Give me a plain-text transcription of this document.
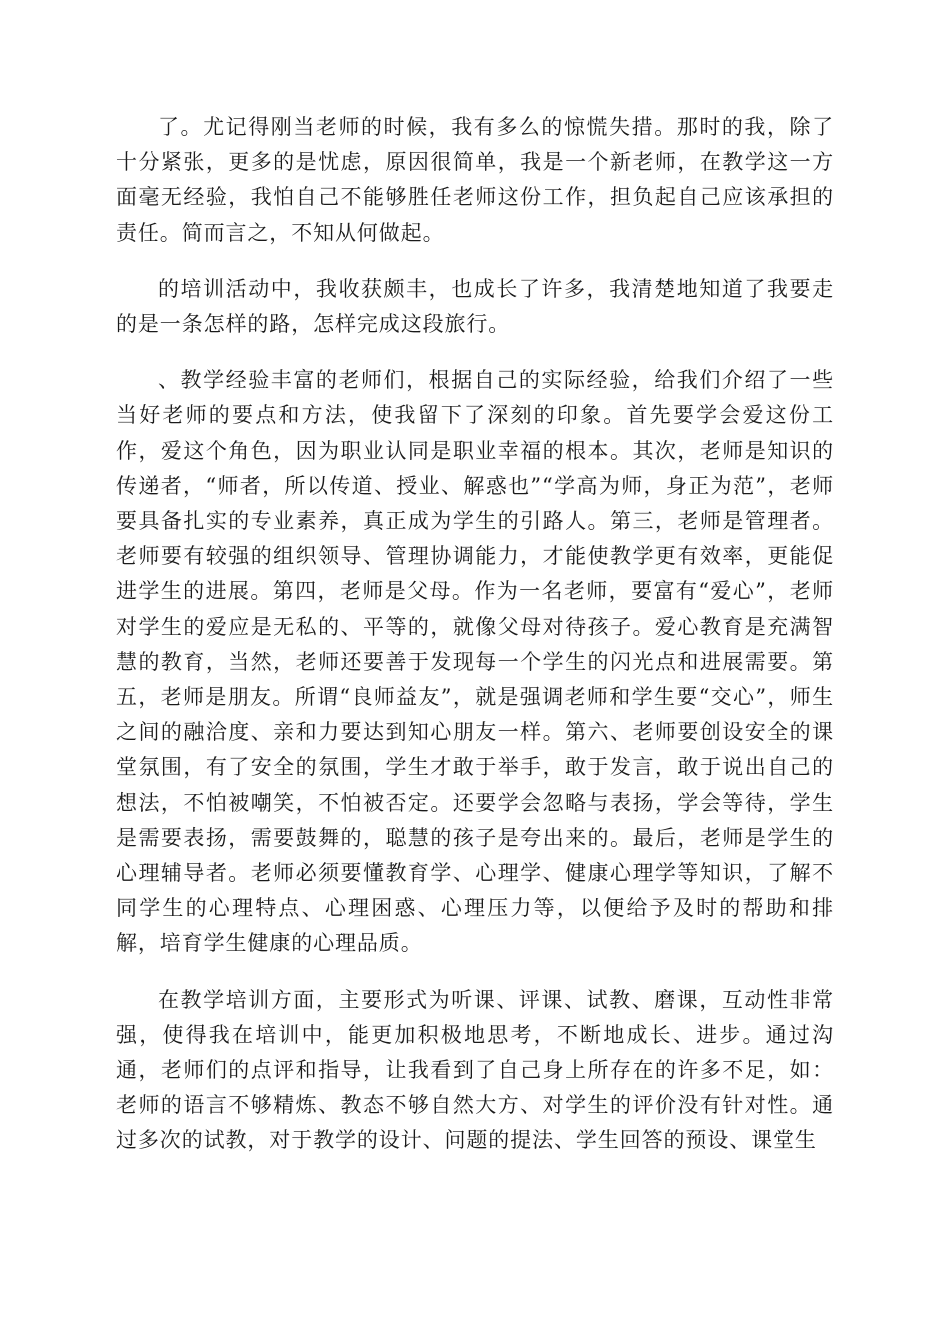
了。尤记得刚当老师的时候，我有多么的惊慌失措。那时的我，除了十分紧张，更多的是忧虑，原因很简单，我是一个新老师，在教学这一方面毫无经验，我怕自己不能够胜任老师这份工作，担负起自己应该承担的责任。简而言之，不知从何做起。

的培训活动中，我收获颇丰，也成长了许多，我清楚地知道了我要走的是一条怎样的路，怎样完成这段旅行。

、教学经验丰富的老师们，根据自己的实际经验，给我们介绍了一些当好老师的要点和方法，使我留下了深刻的印象。首先要学会爱这份工作，爱这个角色，因为职业认同是职业幸福的根本。其次，老师是知识的传递者，“师者，所以传道、授业、解惑也”“学高为师，身正为范”，老师要具备扎实的专业素养，真正成为学生的引路人。第三，老师是管理者。老师要有较强的组织领导、管理协调能力，才能使教学更有效率，更能促进学生的进展。第四，老师是父母。作为一名老师，要富有“爱心”，老师对学生的爱应是无私的、平等的，就像父母对待孩子。爱心教育是充满智慧的教育，当然，老师还要善于发现每一个学生的闪光点和进展需要。第五，老师是朋友。所谓“良师益友”，就是强调老师和学生要“交心”，师生之间的融洽度、亲和力要达到知心朋友一样。第六、老师要创设安全的课堂氛围，有了安全的氛围，学生才敢于举手，敢于发言，敢于说出自己的想法，不怕被嘲笑，不怕被否定。还要学会忽略与表扬，学会等待，学生是需要表扬，需要鼓舞的，聪慧的孩子是夸出来的。最后，老师是学生的心理辅导者。老师必须要懂教育学、心理学、健康心理学等知识，了解不同学生的心理特点、心理困惑、心理压力等，以便给予及时的帮助和排解，培育学生健康的心理品质。

在教学培训方面，主要形式为听课、评课、试教、磨课，互动性非常强，使得我在培训中，能更加积极地思考，不断地成长、进步。通过沟通，老师们的点评和指导，让我看到了自己身上所存在的许多不足，如：老师的语言不够精炼、教态不够自然大方、对学生的评价没有针对性。通过多次的试教，对于教学的设计、问题的提法、学生回答的预设、课堂生
